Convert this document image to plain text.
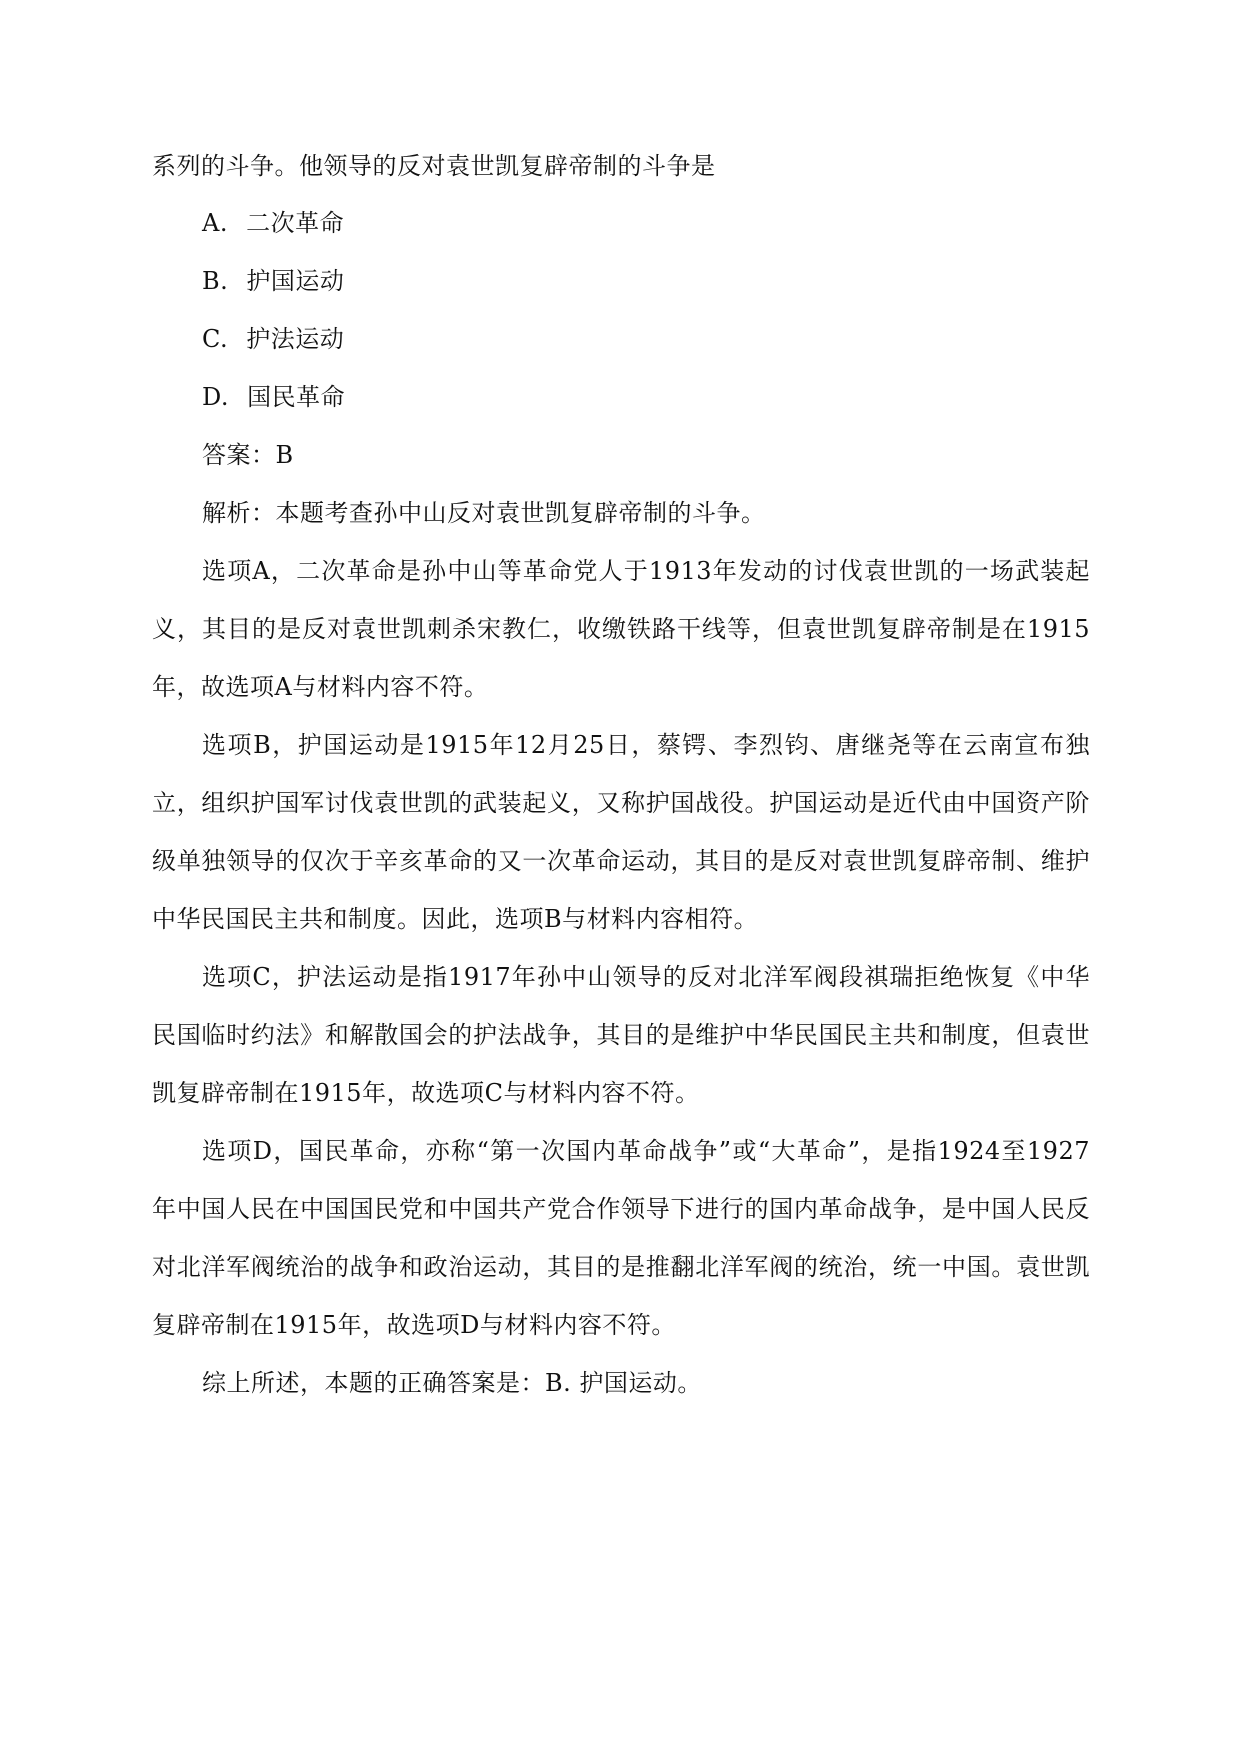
系列的斗争。他领导的反对袁世凯复辟帝制的斗争是
A. 二次革命
B. 护国运动
C. 护法运动
D. 国民革命
答案：B
解析：本题考查孙中山反对袁世凯复辟帝制的斗争。
选项A，二次革命是孙中山等革命党人于1913年发动的讨伐袁世凯的一场武装起
义，其目的是反对袁世凯刺杀宋教仁，收缴铁路干线等，但袁世凯复辟帝制是在1915
年，故选项A与材料内容不符。
选项B，护国运动是1915年12月25日，蔡锷、李烈钧、唐继尧等在云南宣布独
立，组织护国军讨伐袁世凯的武装起义，又称护国战役。护国运动是近代由中国资产阶
级单独领导的仅次于辛亥革命的又一次革命运动，其目的是反对袁世凯复辟帝制、维护
中华民国民主共和制度。因此，选项B与材料内容相符。
选项C，护法运动是指1917年孙中山领导的反对北洋军阀段祺瑞拒绝恢复《中华
民国临时约法》和解散国会的护法战争，其目的是维护中华民国民主共和制度，但袁世
凯复辟帝制在1915年，故选项C与材料内容不符。
选项D，国民革命，亦称“第一次国内革命战争”或“大革命”，是指1924至1927
年中国人民在中国国民党和中国共产党合作领导下进行的国内革命战争，是中国人民反
对北洋军阀统治的战争和政治运动，其目的是推翻北洋军阀的统治，统一中国。袁世凯
复辟帝制在1915年，故选项D与材料内容不符。
综上所述，本题的正确答案是：B. 护国运动。
